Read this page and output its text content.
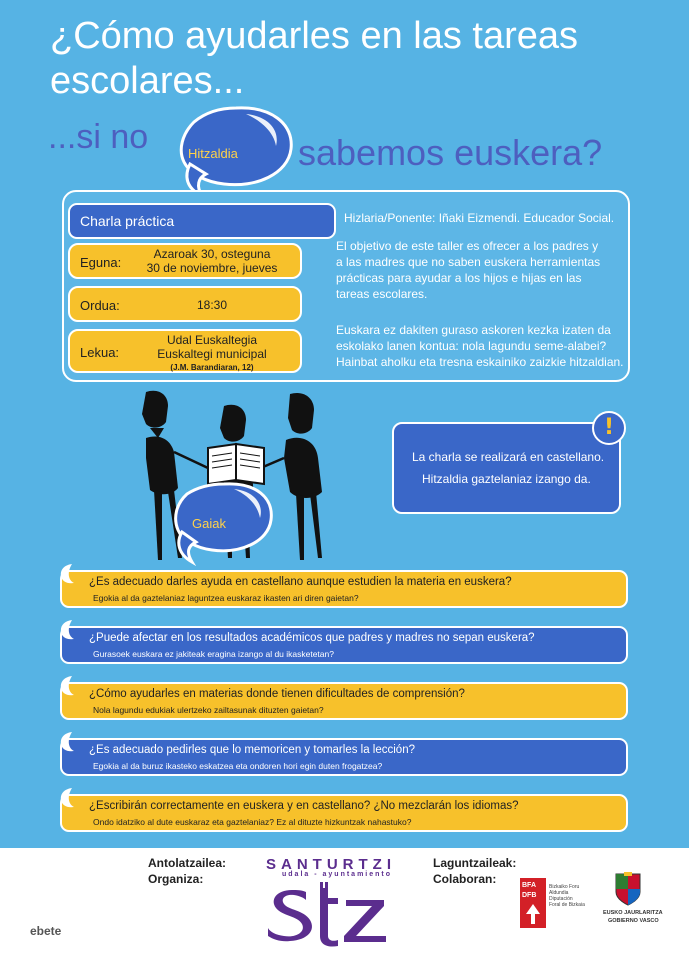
¿Cómo ayudarles en las tareas escolares...
Hitzaldia
...si no	sabemos euskera?
Charla práctica
Eguna:
Azaroak 30, osteguna
30 de noviembre, jueves
Ordua:	18:30
Lekua:
Udal Euskaltegia
Euskaltegi municipal
(J.M. Barandiaran, 12)
Hizlaria/Ponente: Iñaki Eizmendi. Educador Social.
El objetivo de este taller es ofrecer a los padres y
a las madres que no saben euskera herramientas
prácticas para ayudar a los hijos e hijas en las
tareas escolares.
Euskara ez dakiten guraso askoren kezka izaten da
eskolako lanen kontua: nola lagundu seme-alabei?
Hainbat aholku eta tresna eskainiko zaizkie hitzaldian.
Gaiak
La charla se realizará en castellano.
Hitzaldia gaztelaniaz izango da.
!
¿Es adecuado darles ayuda en castellano aunque estudien la materia en euskera?
Egokia al da gaztelaniaz laguntzea euskaraz ikasten ari diren gaietan?
¿Puede afectar en los resultados académicos que padres y madres no sepan euskera?
Gurasoek euskara ez jakiteak eragina izango al du ikasketetan?
¿Cómo ayudarles en materias donde tienen dificultades de comprensión?
Nola lagundu edukiak ulertzeko zailtasunak dituzten gaietan?
¿Es adecuado pedirles que lo memoricen y tomarles la lección?
Egokia al da buruz ikasteko eskatzea eta ondoren hori egin duten frogatzea?
¿Escribirán correctamente en euskera y en castellano? ¿No mezclarán los idiomas?
Ondo idatziko al dute euskaraz eta gaztelaniaz? Ez al dituzte hizkuntzak nahastuko?
Antolatzailea:
Organiza:
Laguntzaileak:
Colaboran:
SANTURTZI
udala - ayuntamiento
ebete
BFA
DFB
Bizkaiko Foru
Aldundia
Diputación
Foral de Bizkaia
EUSKO JAURLARITZA
GOBIERNO VASCO
